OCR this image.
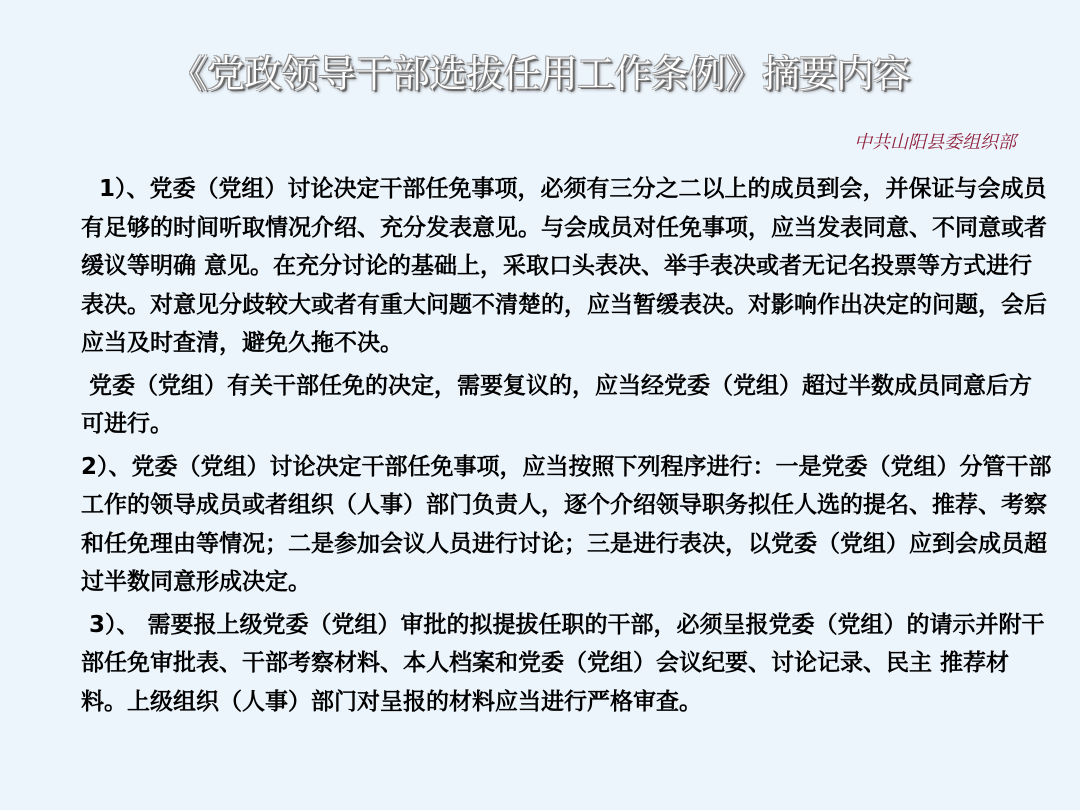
《党政领导干部选拔任用工作条例》摘要内容
中共山阳县委组织部

1）、党委（党组）讨论决定干部任免事项，必须有三分之二以上的成员到会，并保证与会成员有足够的时间听取情况介绍、充分发表意见。与会成员对任免事项，应当发表同意、不同意或者缓议等明确 意见。在充分讨论的基础上，采取口头表决、举手表决或者无记名投票等方式进行表决。对意见分歧较大或者有重大问题不清楚的，应当暂缓表决。对影响作出决定的问题，会后应当及时查清，避免久拖不决。

党委（党组）有关干部任免的决定，需要复议的，应当经党委（党组）超过半数成员同意后方可进行。

2）、党委（党组）讨论决定干部任免事项，应当按照下列程序进行：一是党委（党组）分管干部工作的领导成员或者组织（人事）部门负责人，逐个介绍领导职务拟任人选的提名、推荐、考察和任免理由等情况；二是参加会议人员进行讨论；三是进行表决，以党委（党组）应到会成员超过半数同意形成决定。

3）、 需要报上级党委（党组）审批的拟提拔任职的干部，必须呈报党委（党组）的请示并附干部任免审批表、干部考察材料、本人档案和党委（党组）会议纪要、讨论记录、民主 推荐材料。上级组织（人事）部门对呈报的材料应当进行严格审查。
